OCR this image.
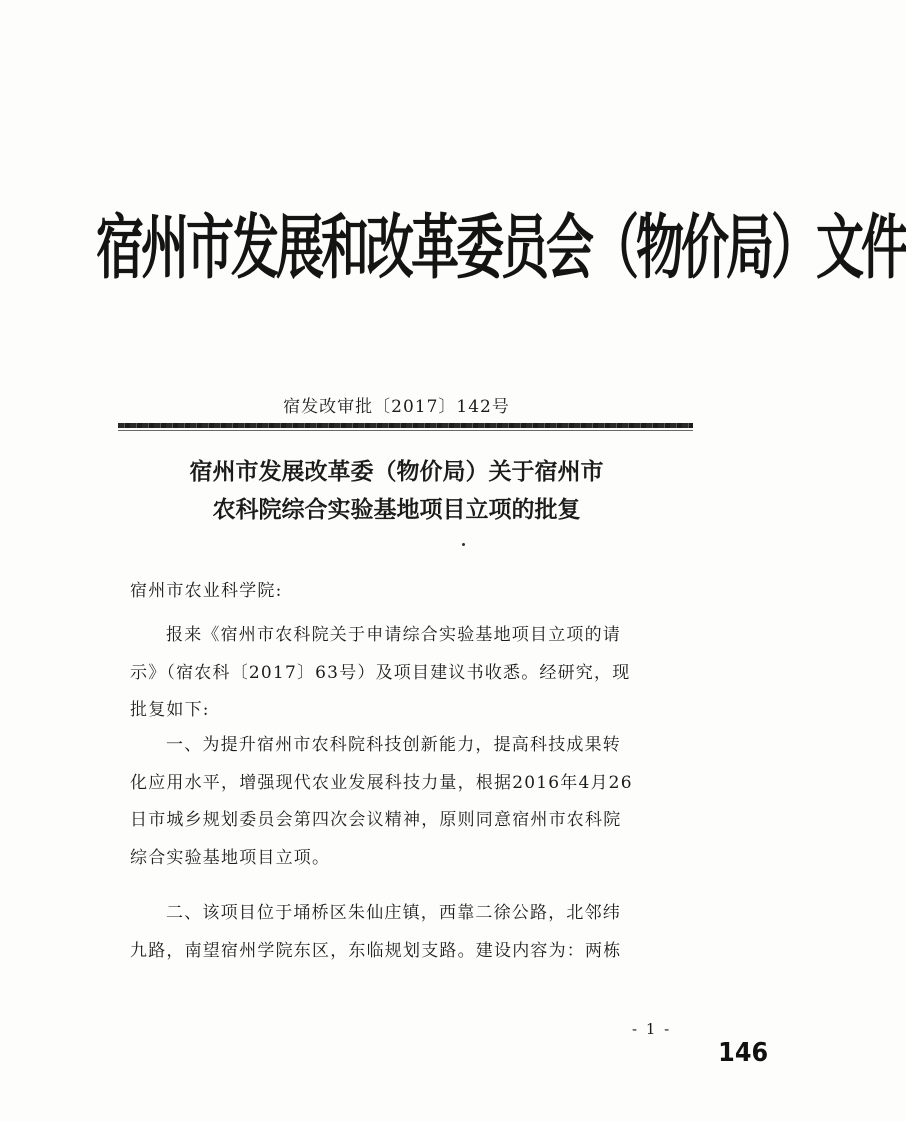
宿州市发展和改革委员会（物价局）文件
宿发改审批〔2017〕142号
宿州市发展改革委（物价局）关于宿州市
农科院综合实验基地项目立项的批复
宿州市农业科学院:
报来《宿州市农科院关于申请综合实验基地项目立项的请
示》（宿农科〔2017〕63号）及项目建议书收悉。经研究，现
批复如下:
一、为提升宿州市农科院科技创新能力，提高科技成果转
化应用水平，增强现代农业发展科技力量，根据2016年4月26
日市城乡规划委员会第四次会议精神，原则同意宿州市农科院
综合实验基地项目立项。
二、该项目位于埇桥区朱仙庄镇，西靠二徐公路，北邻纬
九路，南望宿州学院东区，东临规划支路。建设内容为：两栋
- 1 -
146
